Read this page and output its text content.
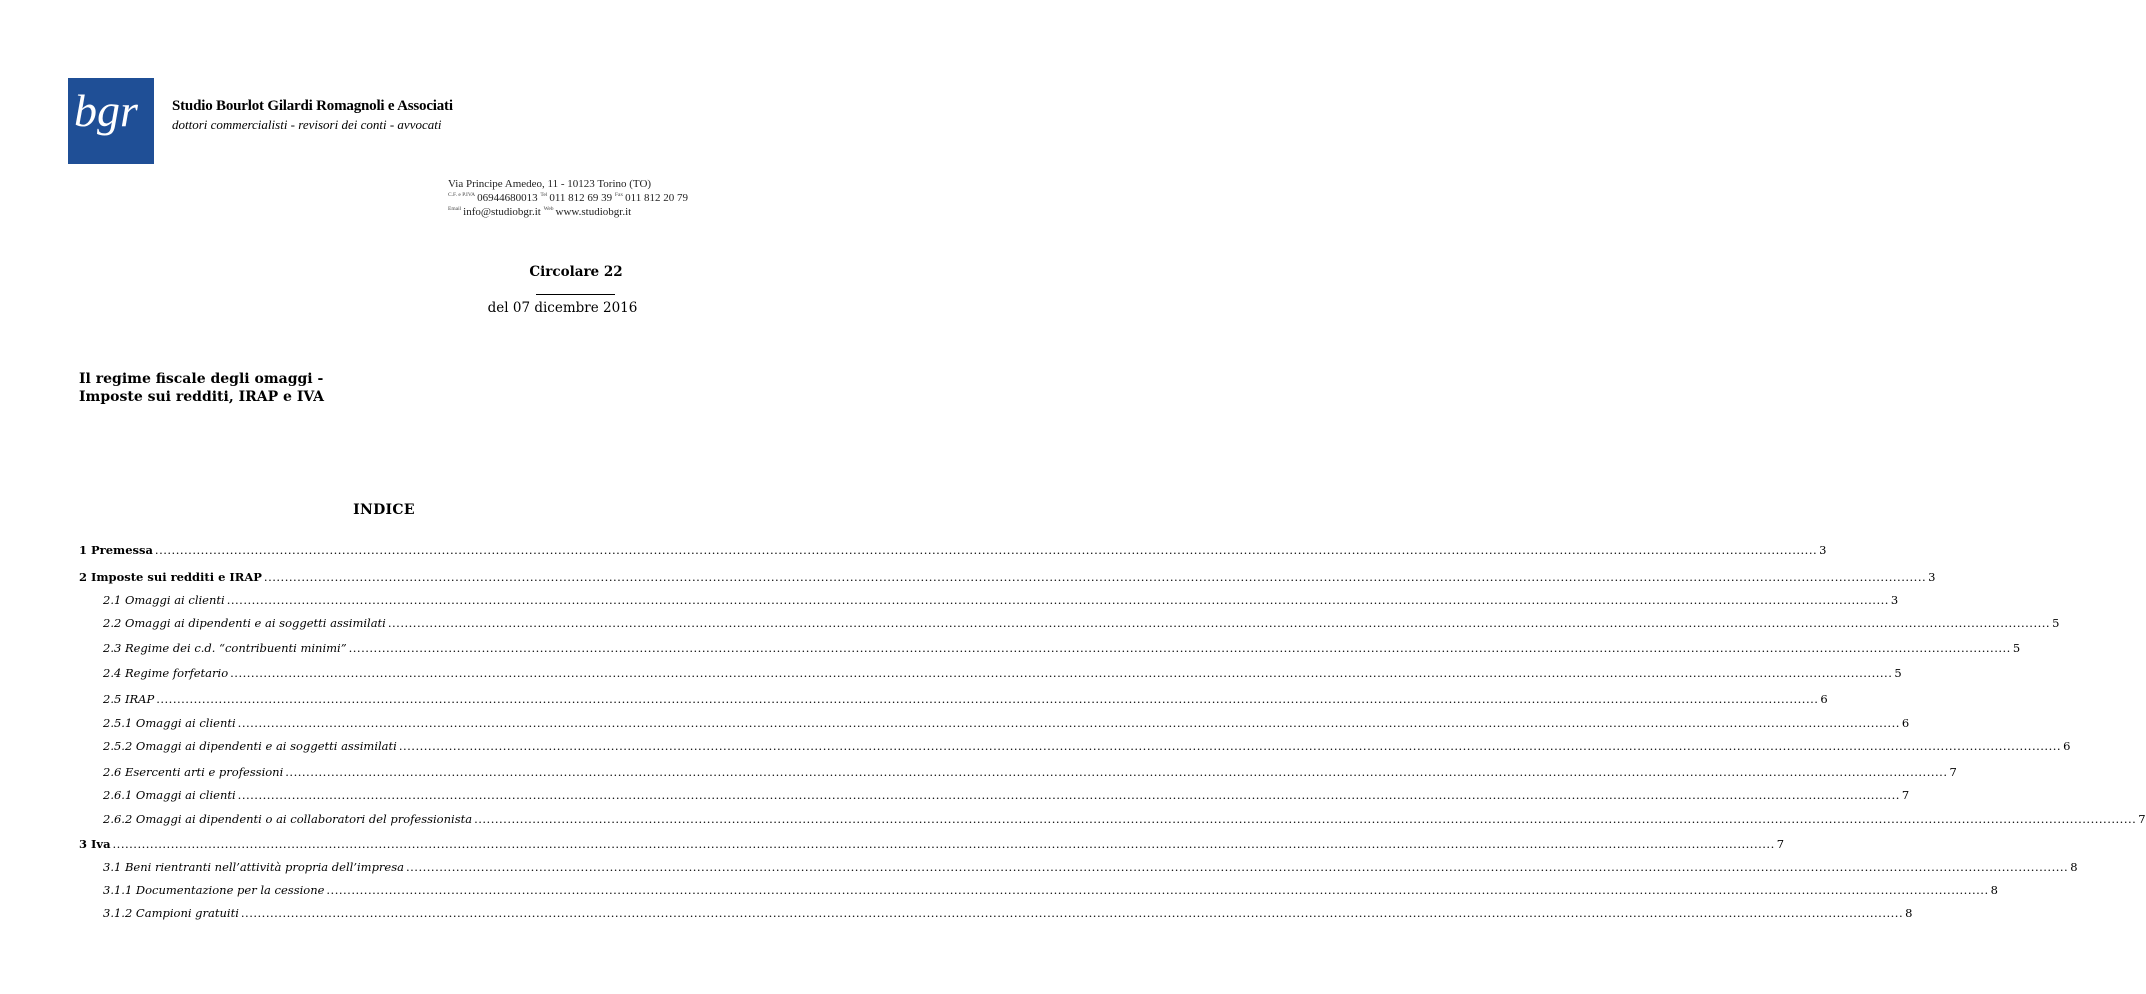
bgr Studio Bourlot Gilardi Romagnoli e Associati
dottori commercialisti - revisori dei conti - avvocati
Via Principe Amedeo, 11 - 10123 Torino (TO)
$^{C.F. e P.IVA}$ 06944680013 $^{Tel}$ 011 812 69 39 $^{Fax}$ 011 812 20 79
$^{Email}$ info@studiobgr.it $^{Web}$ www.studiobgr.it
Circolare 22
del 07 dicembre 2016
Il regime fiscale degli omaggi -
Imposte sui redditi, IRAP e IVA
INDICE
1 Premessa ................................................................................................................................................................................................................................................................................................................................................................................................................ 3
2 Imposte sui redditi e IRAP ................................................................................................................................................................................................................................................................................................................................................................................................................ 3
2.1 Omaggi ai clienti ................................................................................................................................................................................................................................................................................................................................................................................................................ 3
2.2 Omaggi ai dipendenti e ai soggetti assimilati ................................................................................................................................................................................................................................................................................................................................................................................................................ 5
2.3 Regime dei c.d. “contribuenti minimi” ................................................................................................................................................................................................................................................................................................................................................................................................................ 5
2.4 Regime forfetario ................................................................................................................................................................................................................................................................................................................................................................................................................ 5
2.5 IRAP ................................................................................................................................................................................................................................................................................................................................................................................................................ 6
2.5.1 Omaggi ai clienti ................................................................................................................................................................................................................................................................................................................................................................................................................ 6
2.5.2 Omaggi ai dipendenti e ai soggetti assimilati ................................................................................................................................................................................................................................................................................................................................................................................................................ 6
2.6 Esercenti arti e professioni ................................................................................................................................................................................................................................................................................................................................................................................................................ 7
2.6.1 Omaggi ai clienti ................................................................................................................................................................................................................................................................................................................................................................................................................ 7
2.6.2 Omaggi ai dipendenti o ai collaboratori del professionista ................................................................................................................................................................................................................................................................................................................................................................................................................ 7
3 Iva ................................................................................................................................................................................................................................................................................................................................................................................................................ 7
3.1 Beni rientranti nell’attività propria dell’impresa ................................................................................................................................................................................................................................................................................................................................................................................................................ 8
3.1.1 Documentazione per la cessione ................................................................................................................................................................................................................................................................................................................................................................................................................ 8
3.1.2 Campioni gratuiti ................................................................................................................................................................................................................................................................................................................................................................................................................ 8
